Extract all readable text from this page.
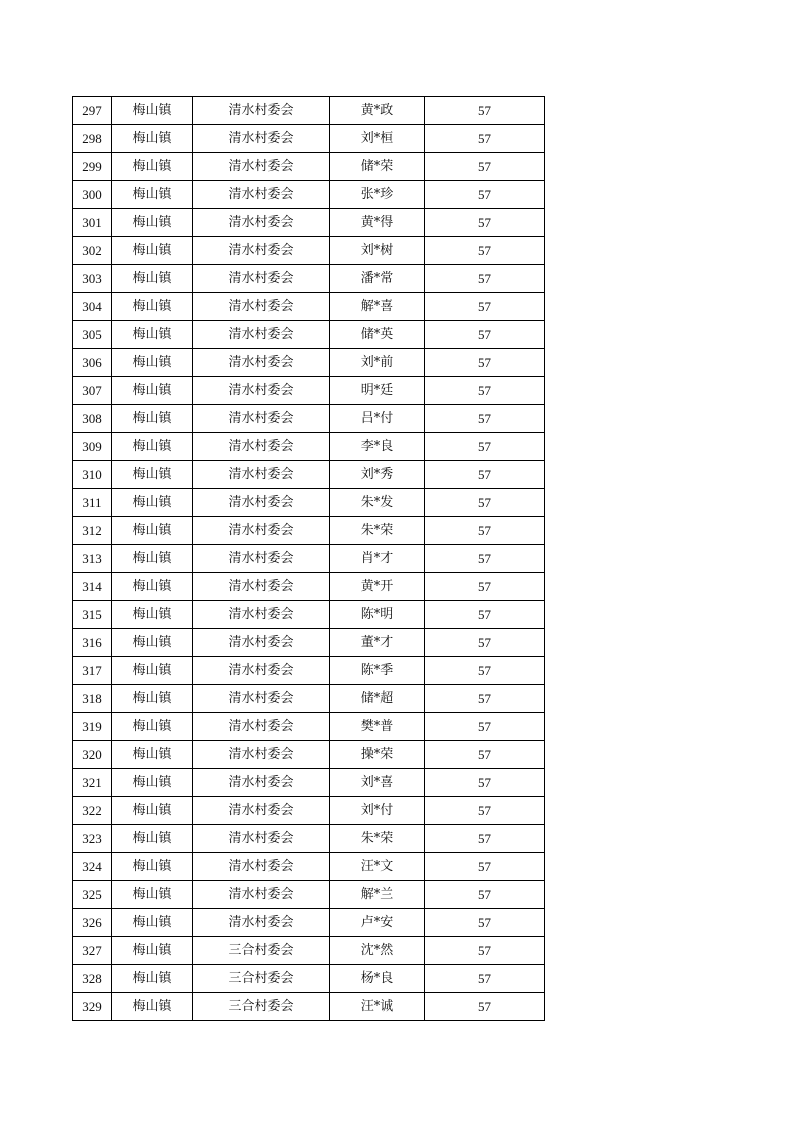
297	梅山镇	清水村委会	黄*政	57
298	梅山镇	清水村委会	刘*桓	57
299	梅山镇	清水村委会	储*荣	57
300	梅山镇	清水村委会	张*珍	57
301	梅山镇	清水村委会	黄*得	57
302	梅山镇	清水村委会	刘*树	57
303	梅山镇	清水村委会	潘*常	57
304	梅山镇	清水村委会	解*喜	57
305	梅山镇	清水村委会	储*英	57
306	梅山镇	清水村委会	刘*前	57
307	梅山镇	清水村委会	明*廷	57
308	梅山镇	清水村委会	吕*付	57
309	梅山镇	清水村委会	李*良	57
310	梅山镇	清水村委会	刘*秀	57
311	梅山镇	清水村委会	朱*发	57
312	梅山镇	清水村委会	朱*荣	57
313	梅山镇	清水村委会	肖*才	57
314	梅山镇	清水村委会	黄*开	57
315	梅山镇	清水村委会	陈*明	57
316	梅山镇	清水村委会	董*才	57
317	梅山镇	清水村委会	陈*季	57
318	梅山镇	清水村委会	储*超	57
319	梅山镇	清水村委会	樊*普	57
320	梅山镇	清水村委会	操*荣	57
321	梅山镇	清水村委会	刘*喜	57
322	梅山镇	清水村委会	刘*付	57
323	梅山镇	清水村委会	朱*荣	57
324	梅山镇	清水村委会	汪*文	57
325	梅山镇	清水村委会	解*兰	57
326	梅山镇	清水村委会	卢*安	57
327	梅山镇	三合村委会	沈*然	57
328	梅山镇	三合村委会	杨*良	57
329	梅山镇	三合村委会	汪*诚	57
